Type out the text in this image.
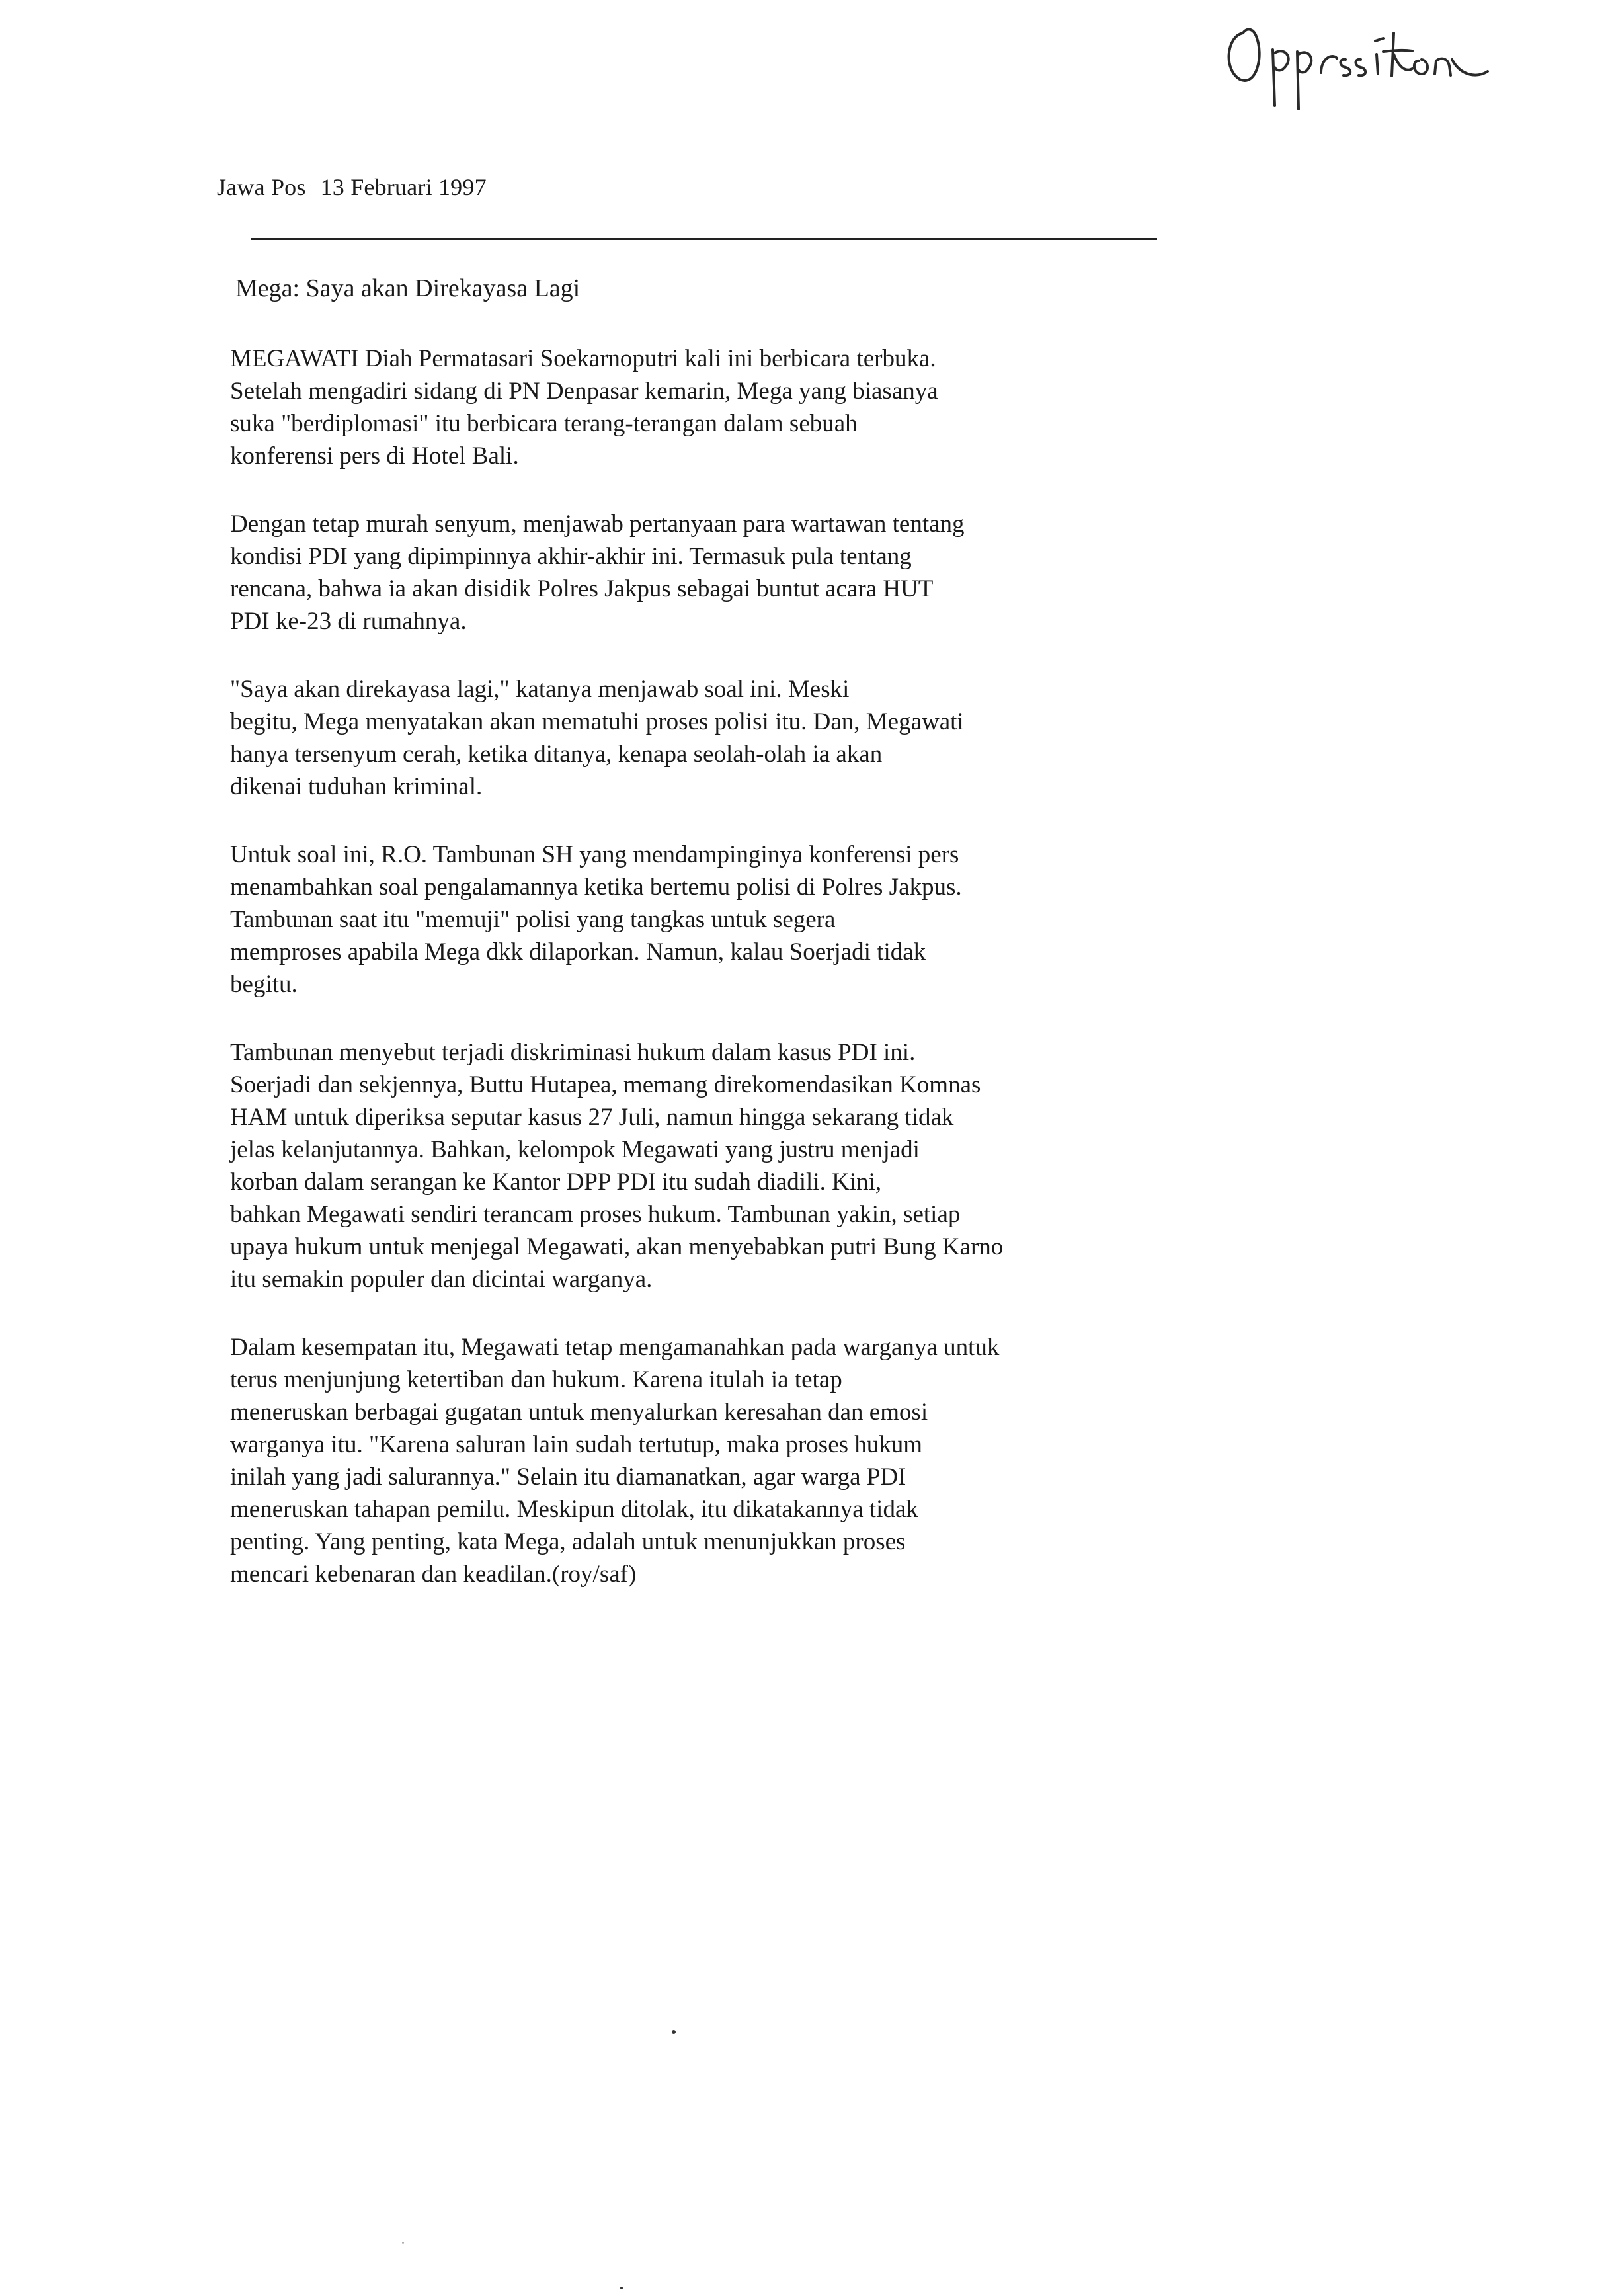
Jawa Pos 13 Februari 1997
Mega: Saya akan Direkayasa Lagi
MEGAWATI Diah Permatasari Soekarnoputri kali ini berbicara terbuka.
Setelah mengadiri sidang di PN Denpasar kemarin, Mega yang biasanya
suka "berdiplomasi" itu berbicara terang-terangan dalam sebuah
konferensi pers di Hotel Bali.
Dengan tetap murah senyum, menjawab pertanyaan para wartawan tentang
kondisi PDI yang dipimpinnya akhir-akhir ini. Termasuk pula tentang
rencana, bahwa ia akan disidik Polres Jakpus sebagai buntut acara HUT
PDI ke-23 di rumahnya.
"Saya akan direkayasa lagi," katanya menjawab soal ini. Meski
begitu, Mega menyatakan akan mematuhi proses polisi itu. Dan, Megawati
hanya tersenyum cerah, ketika ditanya, kenapa seolah-olah ia akan
dikenai tuduhan kriminal.
Untuk soal ini, R.O. Tambunan SH yang mendampinginya konferensi pers
menambahkan soal pengalamannya ketika bertemu polisi di Polres Jakpus.
Tambunan saat itu "memuji" polisi yang tangkas untuk segera
memproses apabila Mega dkk dilaporkan. Namun, kalau Soerjadi tidak
begitu.
Tambunan menyebut terjadi diskriminasi hukum dalam kasus PDI ini.
Soerjadi dan sekjennya, Buttu Hutapea, memang direkomendasikan Komnas
HAM untuk diperiksa seputar kasus 27 Juli, namun hingga sekarang tidak
jelas kelanjutannya. Bahkan, kelompok Megawati yang justru menjadi
korban dalam serangan ke Kantor DPP PDI itu sudah diadili. Kini,
bahkan Megawati sendiri terancam proses hukum. Tambunan yakin, setiap
upaya hukum untuk menjegal Megawati, akan menyebabkan putri Bung Karno
itu semakin populer dan dicintai warganya.
Dalam kesempatan itu, Megawati tetap mengamanahkan pada warganya untuk
terus menjunjung ketertiban dan hukum. Karena itulah ia tetap
meneruskan berbagai gugatan untuk menyalurkan keresahan dan emosi
warganya itu. "Karena saluran lain sudah tertutup, maka proses hukum
inilah yang jadi salurannya." Selain itu diamanatkan, agar warga PDI
meneruskan tahapan pemilu. Meskipun ditolak, itu dikatakannya tidak
penting. Yang penting, kata Mega, adalah untuk menunjukkan proses
mencari kebenaran dan keadilan.(roy/saf)
